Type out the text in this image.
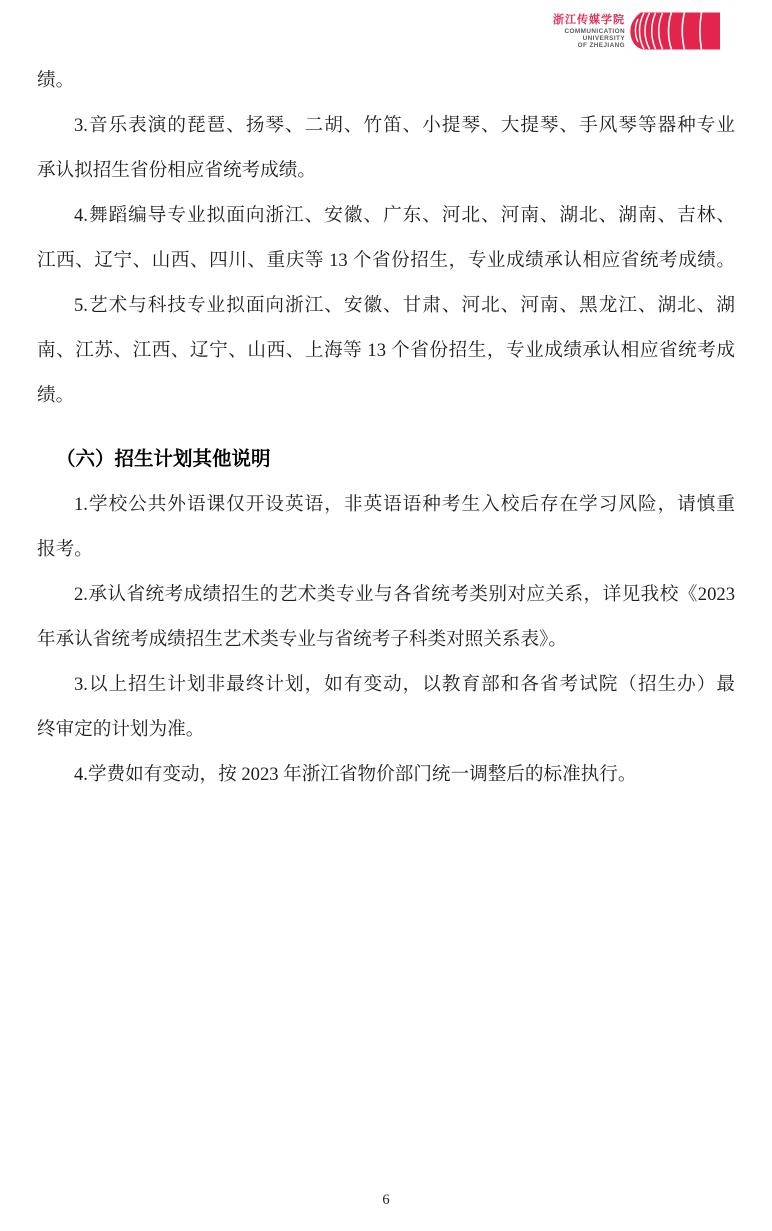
浙江传媒学院
COMMUNICATION
UNIVERSITY
OF ZHEJIANG
绩。
3.音乐表演的琵琶、扬琴、二胡、竹笛、小提琴、大提琴、手风琴等器种专业
承认拟招生省份相应省统考成绩。
4.舞蹈编导专业拟面向浙江、安徽、广东、河北、河南、湖北、湖南、吉林、
江西、辽宁、山西、四川、重庆等 13 个省份招生，专业成绩承认相应省统考成绩。
5.艺术与科技专业拟面向浙江、安徽、甘肃、河北、河南、黑龙江、湖北、湖
南、江苏、江西、辽宁、山西、上海等 13 个省份招生，专业成绩承认相应省统考成
绩。
（六）招生计划其他说明
1.学校公共外语课仅开设英语，非英语语种考生入校后存在学习风险，请慎重
报考。
2.承认省统考成绩招生的艺术类专业与各省统考类别对应关系，详见我校《2023
年承认省统考成绩招生艺术类专业与省统考子科类对照关系表》。
3.以上招生计划非最终计划，如有变动，以教育部和各省考试院（招生办）最
终审定的计划为准。
4.学费如有变动，按 2023 年浙江省物价部门统一调整后的标准执行。
6
